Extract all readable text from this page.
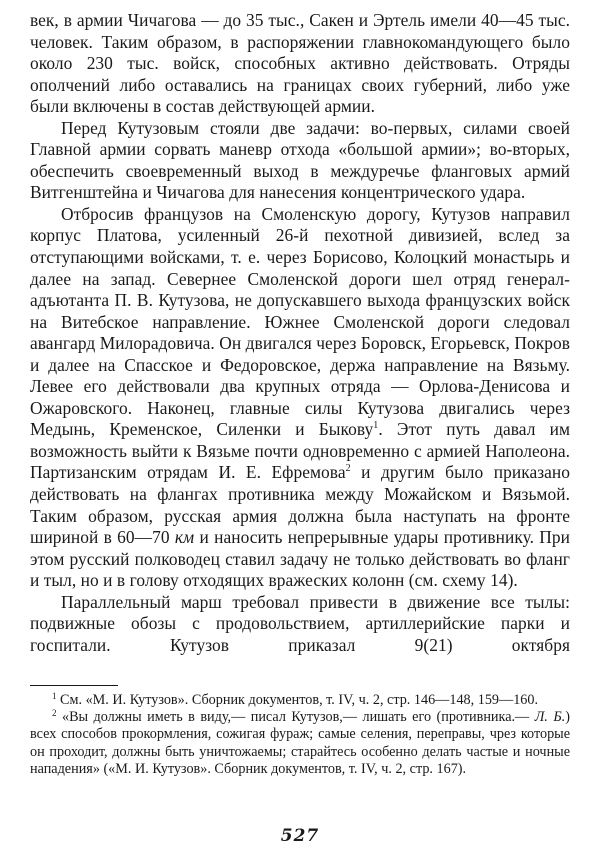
век, в армии Чичагова — до 35 тыс., Сакен и Эртель имели 40—45 тыс. человек. Таким образом, в распоряжении главнокомандующего было около 230 тыс. войск, способных активно действовать. Отряды ополчений либо оставались на границах своих губерний, либо уже были включены в состав действующей армии.

Перед Кутузовым стояли две задачи: во-первых, силами своей Главной армии сорвать маневр отхода «большой армии»; во-вторых, обеспечить своевременный выход в междуречье фланговых армий Витгенштейна и Чичагова для нанесения концентрического удара.

Отбросив французов на Смоленскую дорогу, Кутузов направил корпус Платова, усиленный 26-й пехотной дивизией, вслед за отступающими войсками, т. е. через Борисово, Колоцкий монастырь и далее на запад. Севернее Смоленской дороги шел отряд генерал-адъютанта П. В. Кутузова, не допускавшего выхода французских войск на Витебское направление. Южнее Смоленской дороги следовал авангард Милорадовича. Он двигался через Боровск, Егорьевск, Покров и далее на Спасское и Федоровское, держа направление на Вязьму. Левее его действовали два крупных отряда — Орлова-Денисова и Ожаровского. Наконец, главные силы Кутузова двигались через Медынь, Кременское, Силенки и Быкову$^1$. Этот путь давал им возможность выйти к Вязьме почти одновременно с армией Наполеона. Партизанским отрядам И. Е. Ефремова$^2$ и другим было приказано действовать на флангах противника между Можайском и Вязьмой. Таким образом, русская армия должна была наступать на фронте шириной в 60—70 км и наносить непрерывные удары противнику. При этом русский полководец ставил задачу не только действовать во фланг и тыл, но и в голову отходящих вражеских колонн (см. схему 14).

Параллельный марш требовал привести в движение все тылы: подвижные обозы с продовольствием, артиллерийские парки и госпитали. Кутузов приказал 9(21) октября

$^1$ См. «М. И. Кутузов». Сборник документов, т. IV, ч. 2, стр. 146—148, 159—160.

$^2$ «Вы должны иметь в виду,— писал Кутузов,— лишать его (противника.— Л. Б.) всех способов прокормления, сожигая фураж; самые селения, переправы, чрез которые он проходит, должны быть уничтожаемы; старайтесь особенно делать частые и ночные нападения» («М. И. Кутузов». Сборник документов, т. IV, ч. 2, стр. 167).

527
